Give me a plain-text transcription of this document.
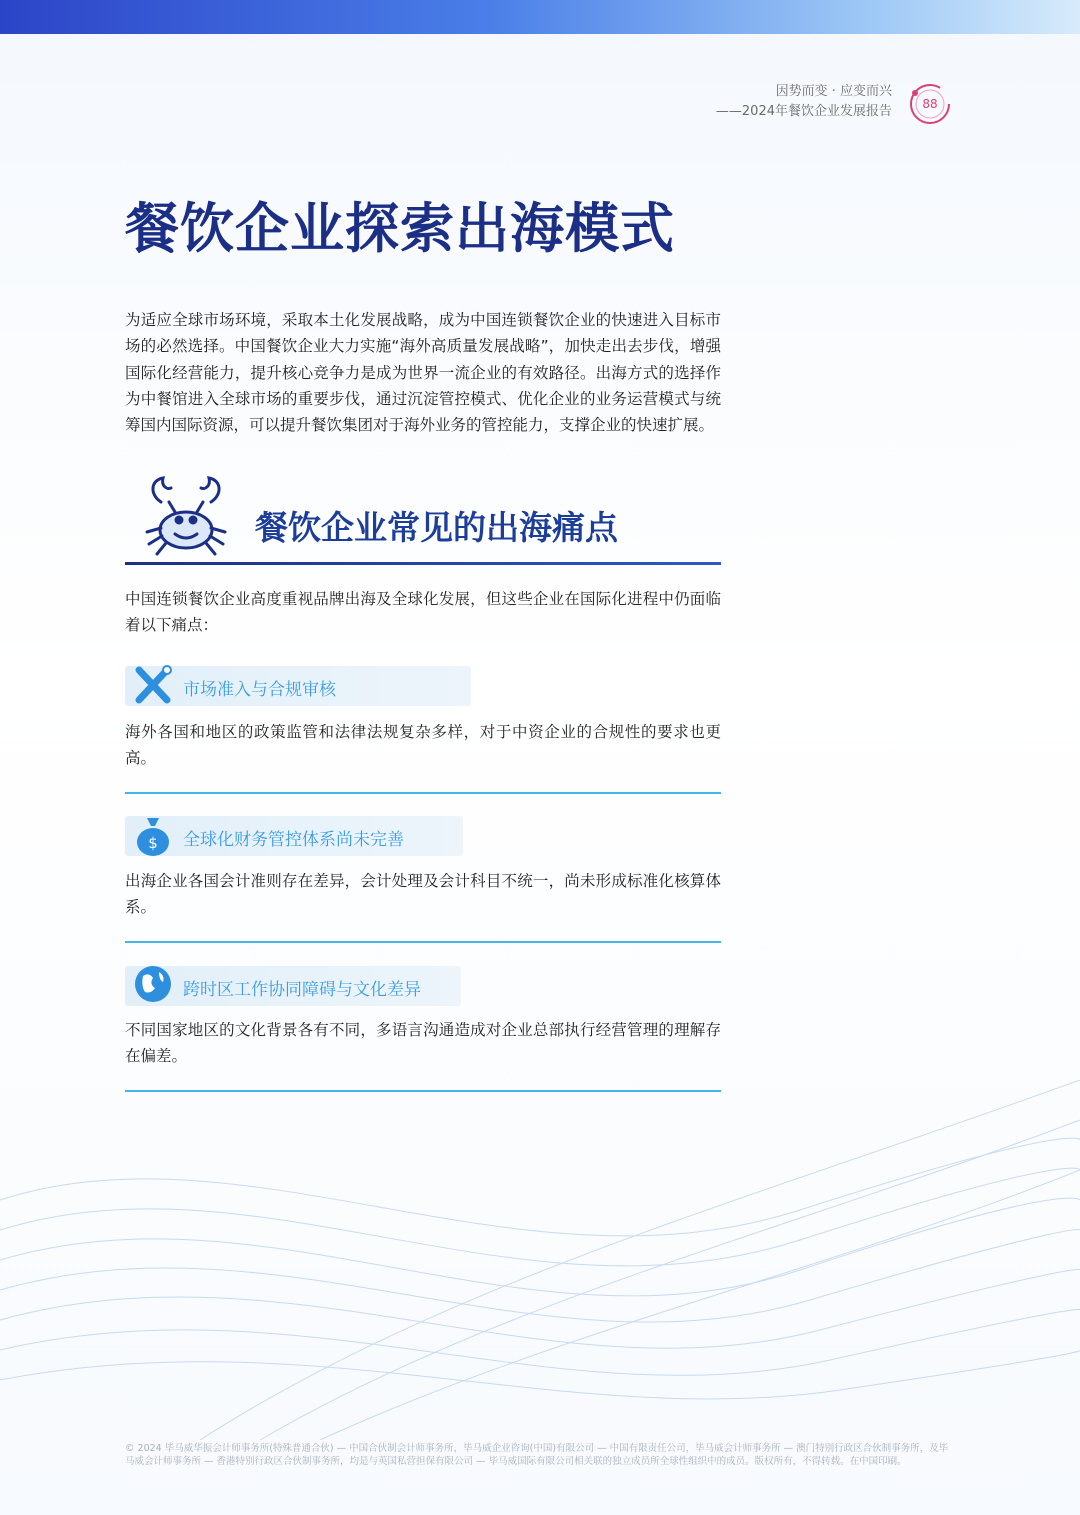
因势而变 · 应变而兴
——2024年餐饮企业发展报告	88
餐饮企业探索出海模式

为适应全球市场环境，采取本土化发展战略，成为中国连锁餐饮企业的快速进入目标市场的必然选择。中国餐饮企业大力实施“海外高质量发展战略”，加快走出去步伐，增强国际化经营能力，提升核心竞争力是成为世界一流企业的有效路径。出海方式的选择作为中餐馆进入全球市场的重要步伐，通过沉淀管控模式、优化企业的业务运营模式与统筹国内国际资源，可以提升餐饮集团对于海外业务的管控能力，支撑企业的快速扩展。

餐饮企业常见的出海痛点

中国连锁餐饮企业高度重视品牌出海及全球化发展，但这些企业在国际化进程中仍面临着以下痛点：

市场准入与合规审核

海外各国和地区的政策监管和法律法规复杂多样，对于中资企业的合规性的要求也更高。

$ 全球化财务管控体系尚未完善

出海企业各国会计准则存在差异，会计处理及会计科目不统一，尚未形成标准化核算体系。

跨时区工作协同障碍与文化差异

不同国家地区的文化背景各有不同，多语言沟通造成对企业总部执行经营管理的理解存在偏差。

© 2024 毕马威华振会计师事务所(特殊普通合伙) — 中国合伙制会计师事务所，毕马威企业咨询(中国)有限公司 — 中国有限责任公司，毕马威会计师事务所 — 澳门特别行政区合伙制事务所，及毕马威会计师事务所 — 香港特别行政区合伙制事务所，均是与英国私营担保有限公司 — 毕马威国际有限公司相关联的独立成员所全球性组织中的成员。版权所有，不得转载。在中国印刷。
